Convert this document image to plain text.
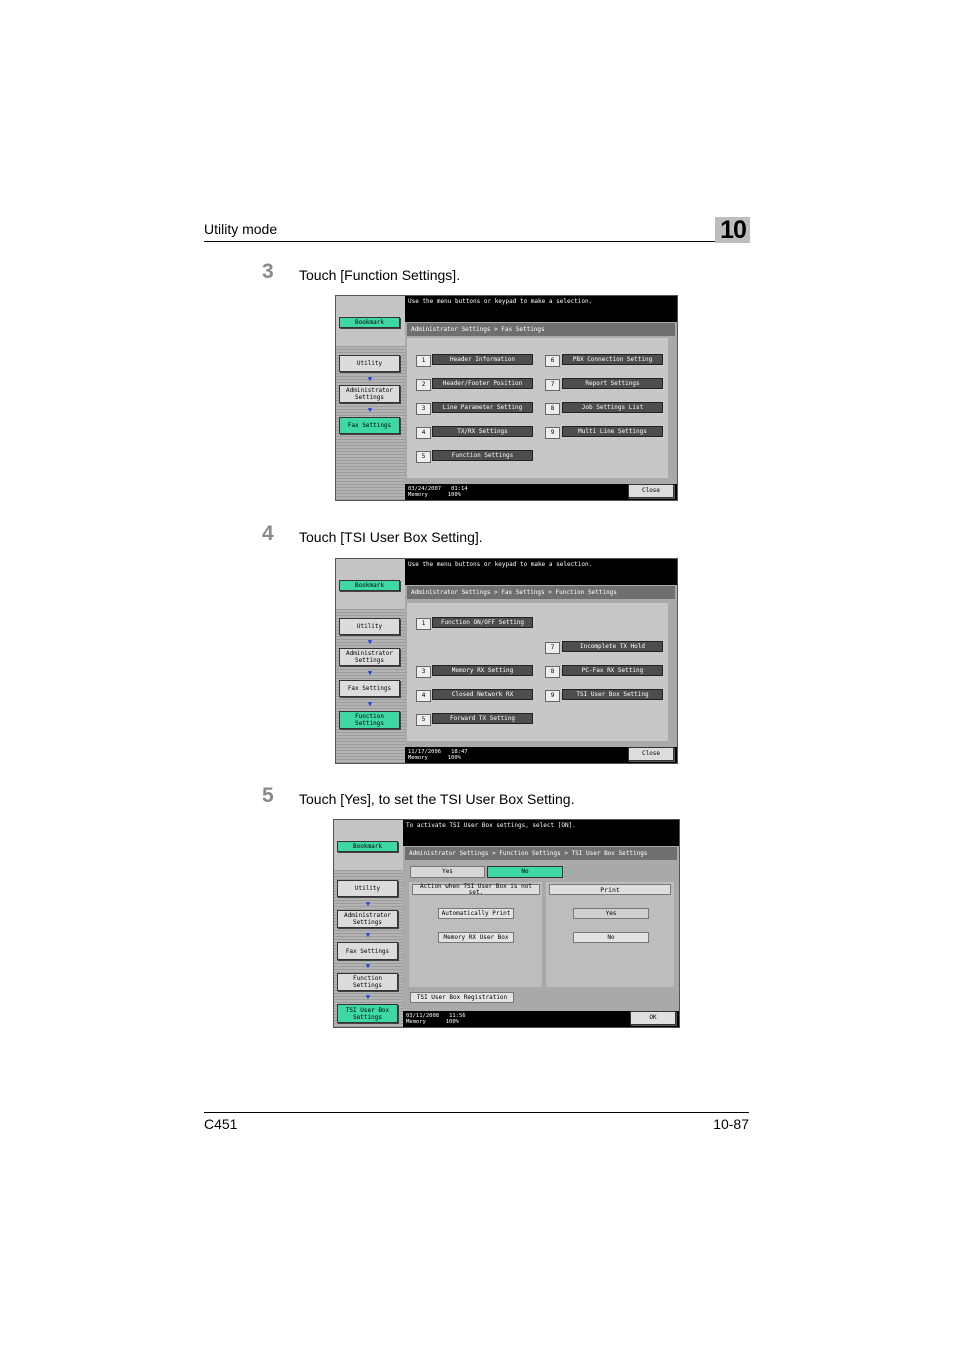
Utility mode	10
3 Touch [Function Settings].
Bookmark
Utility
▼
Administrator Settings
▼
Fax Settings
Use the menu buttons or keypad to make a selection.
Administrator Settings > Fax Settings
1	Header Information
2	Header/Footer Position
3	Line Parameter Setting
4	TX/RX Settings
5	Function Settings
6	PBX Connection Setting
7	Report Settings
8	Job Settings List
9	Multi Line Settings
03/24/2007 01:14
Memory	100%
Close
4 Touch [TSI User Box Setting].
Bookmark
Utility
▼
Administrator Settings
▼
Fax Settings
▼
Function Settings
Use the menu buttons or keypad to make a selection.
Administrator Settings > Fax Settings > Function Settings
1	Function ON/OFF Setting
3	Memory RX Setting
4	Closed Network RX
5	Forward TX Setting
7	Incomplete TX Hold
8	PC-Fax RX Setting
9	TSI User Box Setting
11/17/2006 18:47
Memory	100%
Close
5 Touch [Yes], to set the TSI User Box Setting.
Bookmark
Utility
▼
Administrator Settings
▼
Fax Settings
▼
Function Settings
▼
TSI User Box Settings
To activate TSI User Box settings, select [ON].
Administrator Settings > Function Settings > TSI User Box Settings
Yes	No
Action when TSI User Box is not set.
Automatically Print
Memory RX User Box
Print
Yes
No
TSI User Box Registration
03/11/2008 11:56
Memory	100%
OK
C451	10-87
